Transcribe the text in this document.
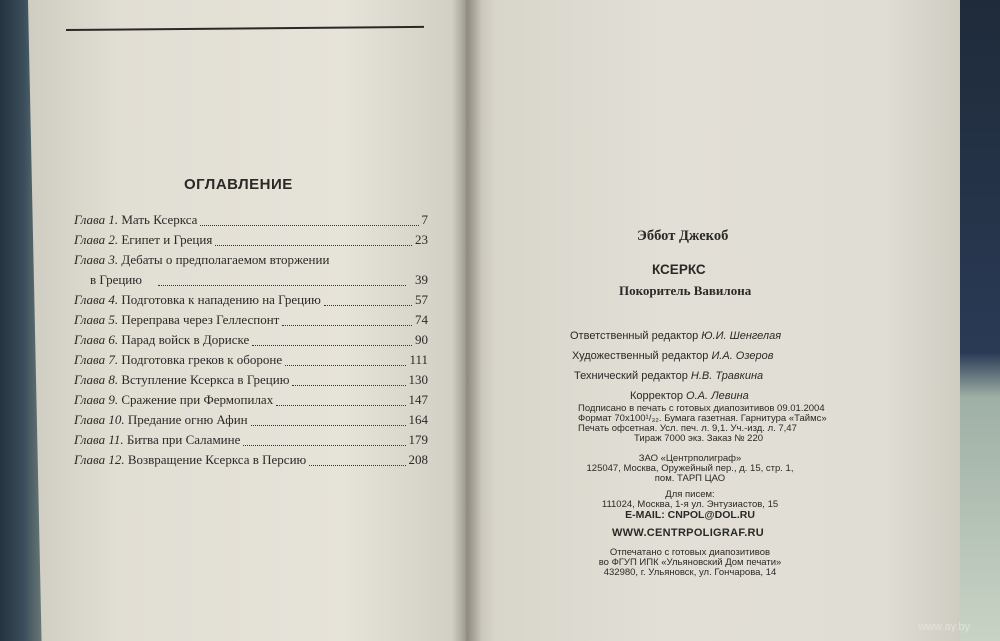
ОГЛАВЛЕНИЕ
Глава 1. Мать Ксеркса	7
Глава 2. Египет и Греция	23
Глава 3. Дебаты о предполагаемом вторжении
в Грецию	39
Глава 4. Подготовка к нападению на Грецию	57
Глава 5. Переправа через Геллеспонт	74
Глава 6. Парад войск в Дориске	90
Глава 7. Подготовка греков к обороне	111
Глава 8. Вступление Ксеркса в Грецию	130
Глава 9. Сражение при Фермопилах	147
Глава 10. Предание огню Афин	164
Глава 11. Битва при Саламине	179
Глава 12. Возвращение Ксеркса в Персию	208
Эббот Джекоб
КСЕРКС
Покоритель Вавилона
Ответственный редактор Ю.И. Шенгелая
Художественный редактор И.А. Озеров
Технический редактор Н.В. Травкина
Корректор О.А. Левина
Подписано в печать с готовых диапозитивов 09.01.2004
Формат 70x100¹/₃₂. Бумага газетная. Гарнитура «Таймс»
Печать офсетная. Усл. печ. л. 9,1. Уч.-изд. л. 7,47
Тираж 7000 экз. Заказ № 220
ЗАО «Центрполиграф»
125047, Москва, Оружейный пер., д. 15, стр. 1,
пом. ТАРП ЦАО
Для писем:
111024, Москва, 1-я ул. Энтузиастов, 15
E-MAIL: CNPOL@DOL.RU
WWW.CENTRPOLIGRAF.RU
Отпечатано с готовых диапозитивов
во ФГУП ИПК «Ульяновский Дом печати»
432980, г. Ульяновск, ул. Гончарова, 14
www.ay.by
